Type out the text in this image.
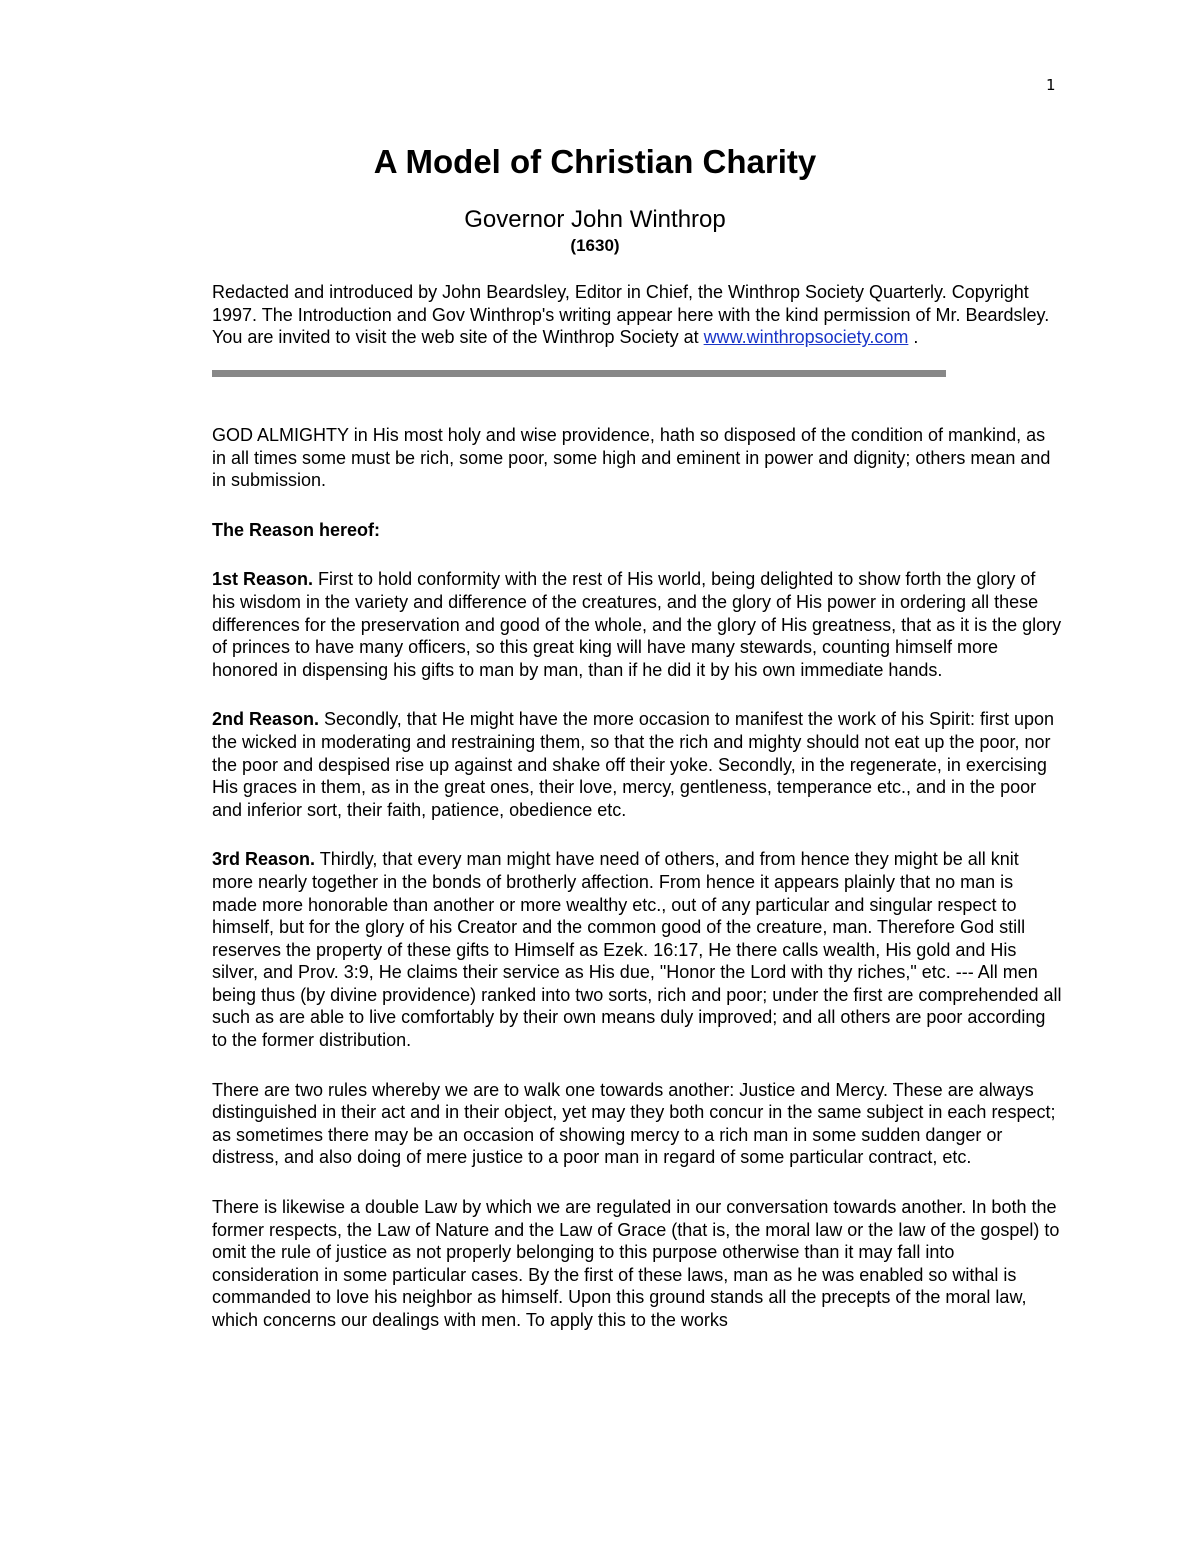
1
A Model of Christian Charity
Governor John Winthrop
(1630)
Redacted and introduced by John Beardsley, Editor in Chief, the Winthrop Society Quarterly. Copyright 1997. The Introduction and Gov Winthrop's writing appear here with the kind permission of Mr. Beardsley. You are invited to visit the web site of the Winthrop Society at www.winthropsociety.com .

GOD ALMIGHTY in His most holy and wise providence, hath so disposed of the condition of mankind, as in all times some must be rich, some poor, some high and eminent in power and dignity; others mean and in submission.

The Reason hereof:

1st Reason. First to hold conformity with the rest of His world, being delighted to show forth the glory of his wisdom in the variety and difference of the creatures, and the glory of His power in ordering all these differences for the preservation and good of the whole, and the glory of His greatness, that as it is the glory of princes to have many officers, so this great king will have many stewards, counting himself more honored in dispensing his gifts to man by man, than if he did it by his own immediate hands.

2nd Reason. Secondly, that He might have the more occasion to manifest the work of his Spirit: first upon the wicked in moderating and restraining them, so that the rich and mighty should not eat up the poor, nor the poor and despised rise up against and shake off their yoke. Secondly, in the regenerate, in exercising His graces in them, as in the great ones, their love, mercy, gentleness, temperance etc., and in the poor and inferior sort, their faith, patience, obedience etc.

3rd Reason. Thirdly, that every man might have need of others, and from hence they might be all knit more nearly together in the bonds of brotherly affection. From hence it appears plainly that no man is made more honorable than another or more wealthy etc., out of any particular and singular respect to himself, but for the glory of his Creator and the common good of the creature, man. Therefore God still reserves the property of these gifts to Himself as Ezek. 16:17, He there calls wealth, His gold and His silver, and Prov. 3:9, He claims their service as His due, "Honor the Lord with thy riches," etc. --- All men being thus (by divine providence) ranked into two sorts, rich and poor; under the first are comprehended all such as are able to live comfortably by their own means duly improved; and all others are poor according to the former distribution.

There are two rules whereby we are to walk one towards another: Justice and Mercy. These are always distinguished in their act and in their object, yet may they both concur in the same subject in each respect; as sometimes there may be an occasion of showing mercy to a rich man in some sudden danger or distress, and also doing of mere justice to a poor man in regard of some particular contract, etc.

There is likewise a double Law by which we are regulated in our conversation towards another. In both the former respects, the Law of Nature and the Law of Grace (that is, the moral law or the law of the gospel) to omit the rule of justice as not properly belonging to this purpose otherwise than it may fall into consideration in some particular cases. By the first of these laws, man as he was enabled so withal is commanded to love his neighbor as himself. Upon this ground stands all the precepts of the moral law, which concerns our dealings with men. To apply this to the works
